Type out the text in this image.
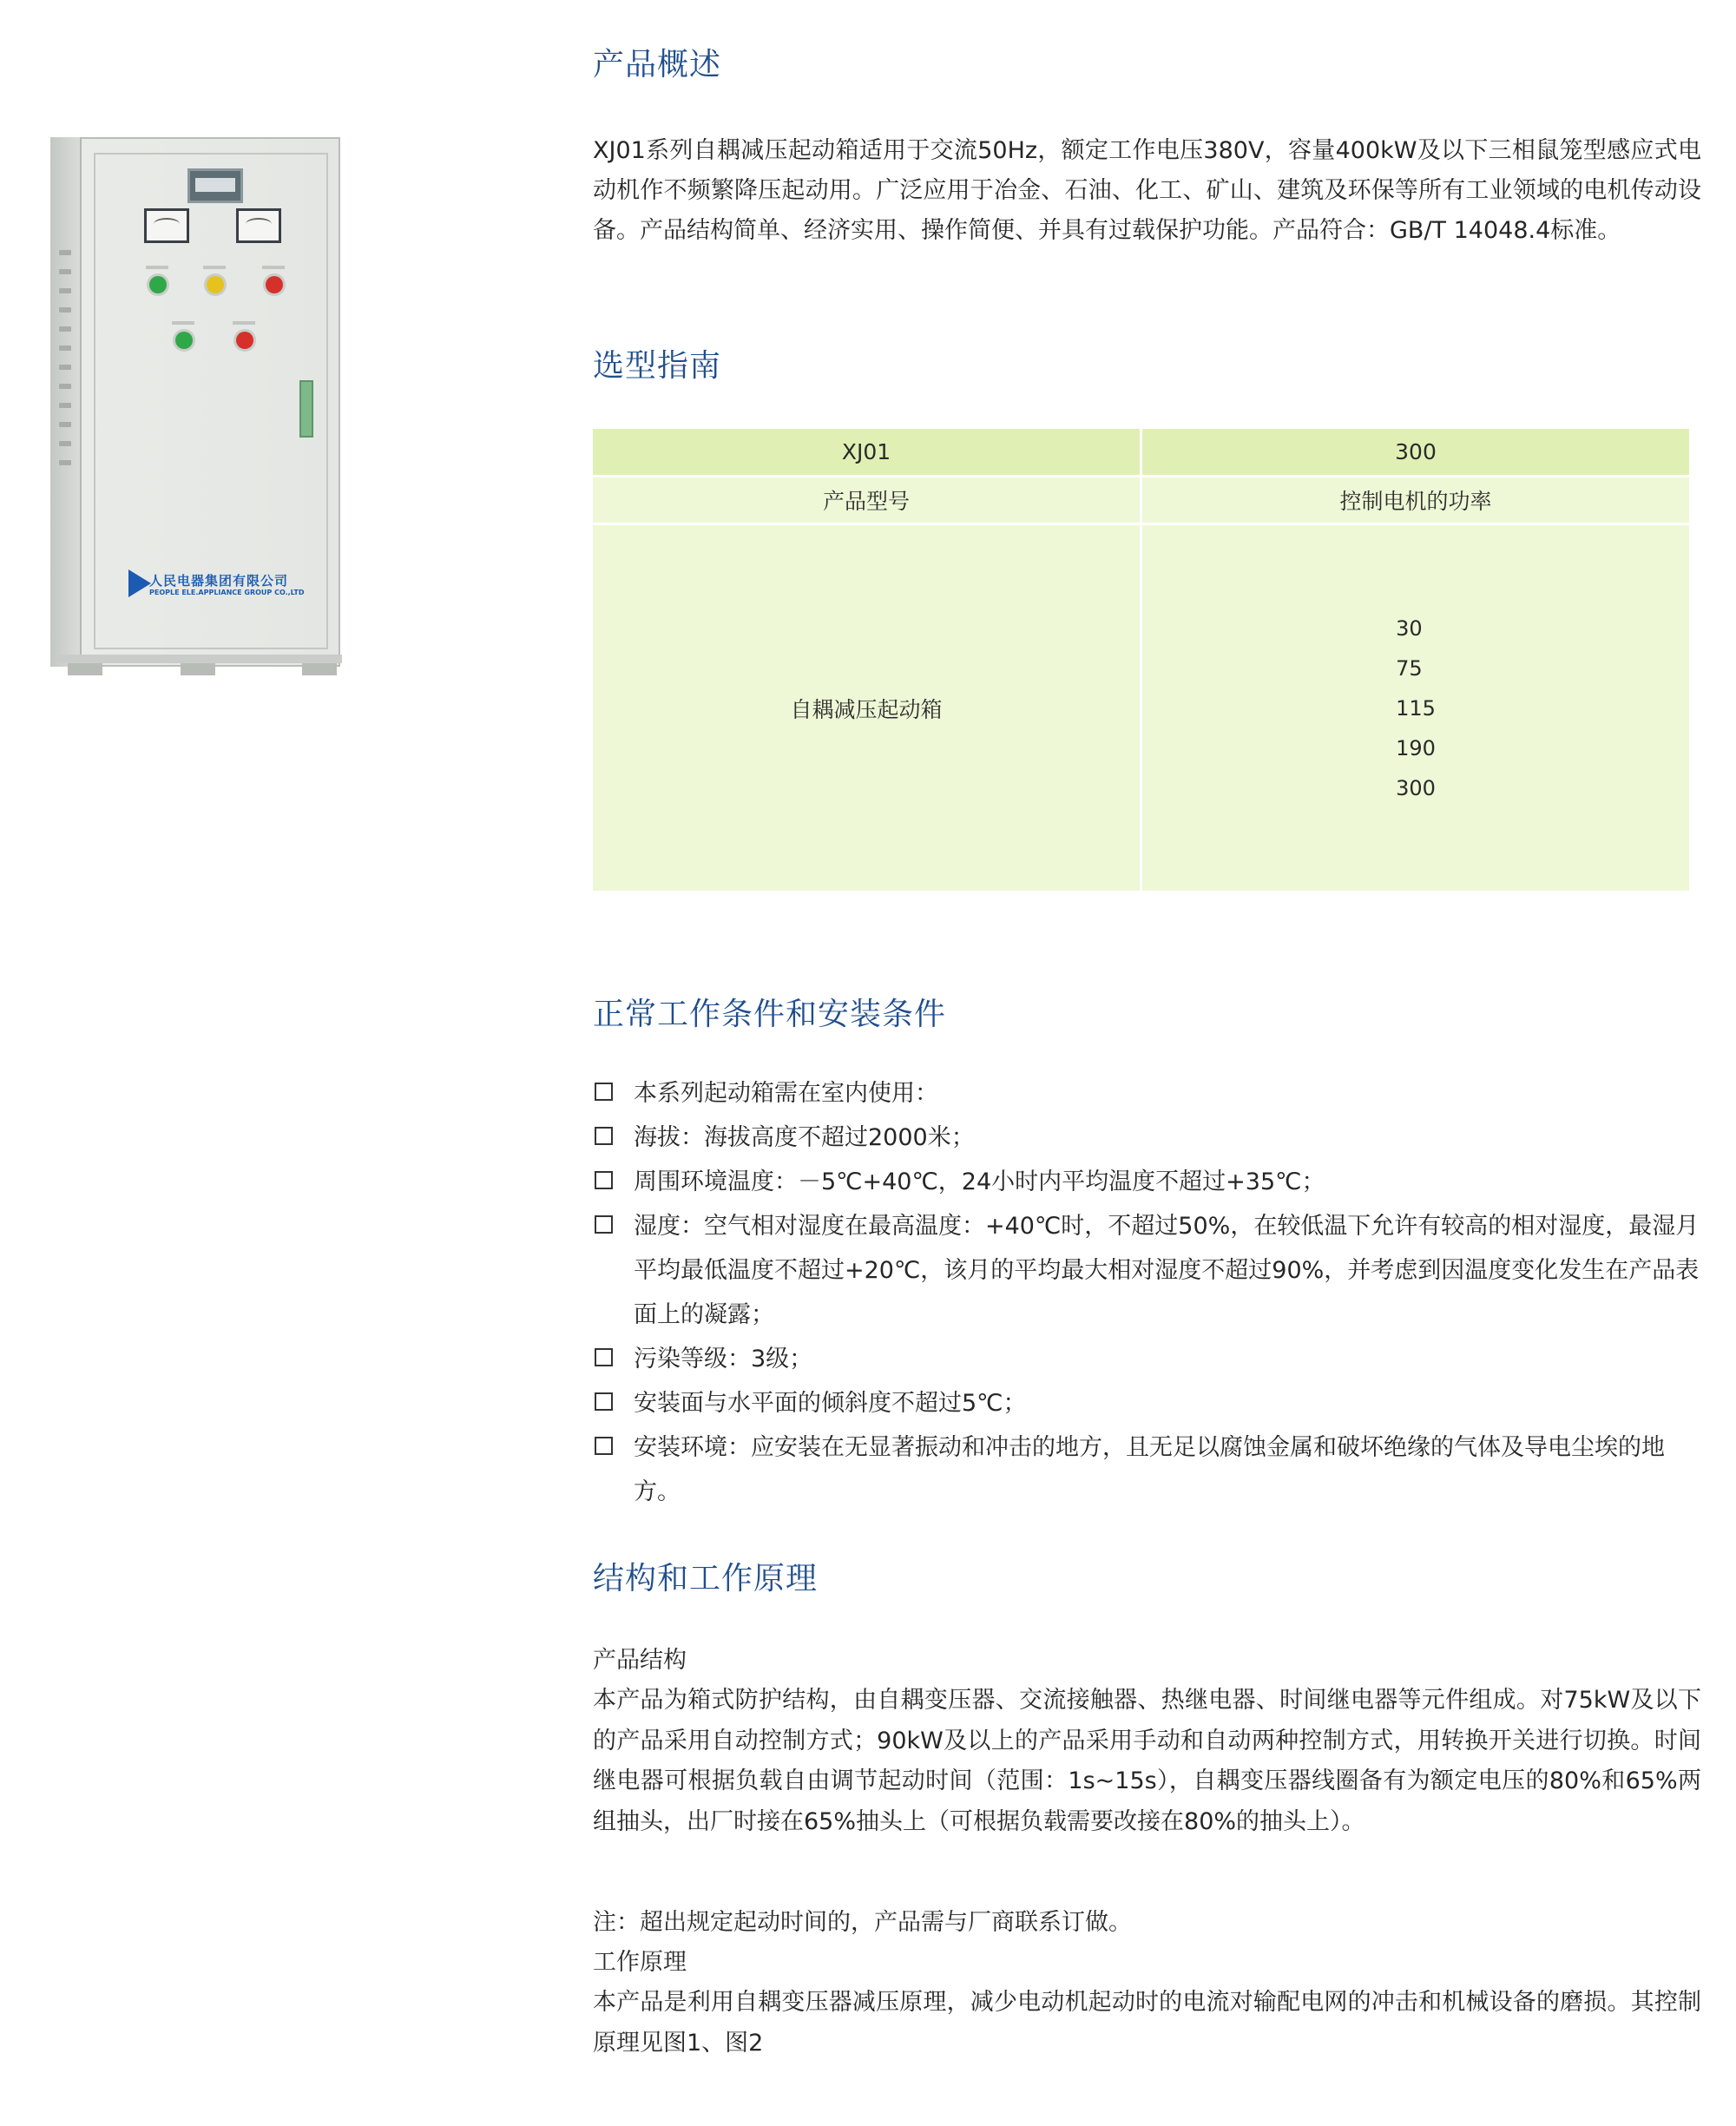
人民电器集团有限公司
PEOPLE ELE.APPLIANCE GROUP CO.,LTD
产品概述

XJ01系列自耦减压起动箱适用于交流50Hz，额定工作电压380V，容量400kW及以下三相鼠笼型感应式电动机作不频繁降压起动用。广泛应用于冶金、石油、化工、矿山、建筑及环保等所有工业领域的电机传动设备。产品结构简单、经济实用、操作简便、并具有过载保护功能。产品符合：GB/T 14048.4标准。

选型指南
XJ01	300
产品型号	控制电机的功率
自耦减压起动箱	30
75
115
190
300
正常工作条件和安装条件
本系列起动箱需在室内使用：
海拔：海拔高度不超过2000米；
周围环境温度：－5℃+40℃，24小时内平均温度不超过+35℃；
湿度：空气相对湿度在最高温度：+40℃时，不超过50%，在较低温下允许有较高的相对湿度，最湿月平均最低温度不超过+20℃，该月的平均最大相对湿度不超过90%，并考虑到因温度变化发生在产品表面上的凝露；
污染等级：3级；
安装面与水平面的倾斜度不超过5℃；
安装环境：应安装在无显著振动和冲击的地方，且无足以腐蚀金属和破坏绝缘的气体及导电尘埃的地方。
结构和工作原理

产品结构

本产品为箱式防护结构，由自耦变压器、交流接触器、热继电器、时间继电器等元件组成。对75kW及以下的产品采用自动控制方式；90kW及以上的产品采用手动和自动两种控制方式，用转换开关进行切换。时间继电器可根据负载自由调节起动时间（范围：1s~15s），自耦变压器线圈备有为额定电压的80%和65%两组抽头，出厂时接在65%抽头上（可根据负载需要改接在80%的抽头上）。

注：超出规定起动时间的，产品需与厂商联系订做。

工作原理

本产品是利用自耦变压器减压原理，减少电动机起动时的电流对输配电网的冲击和机械设备的磨损。其控制原理见图1、图2
